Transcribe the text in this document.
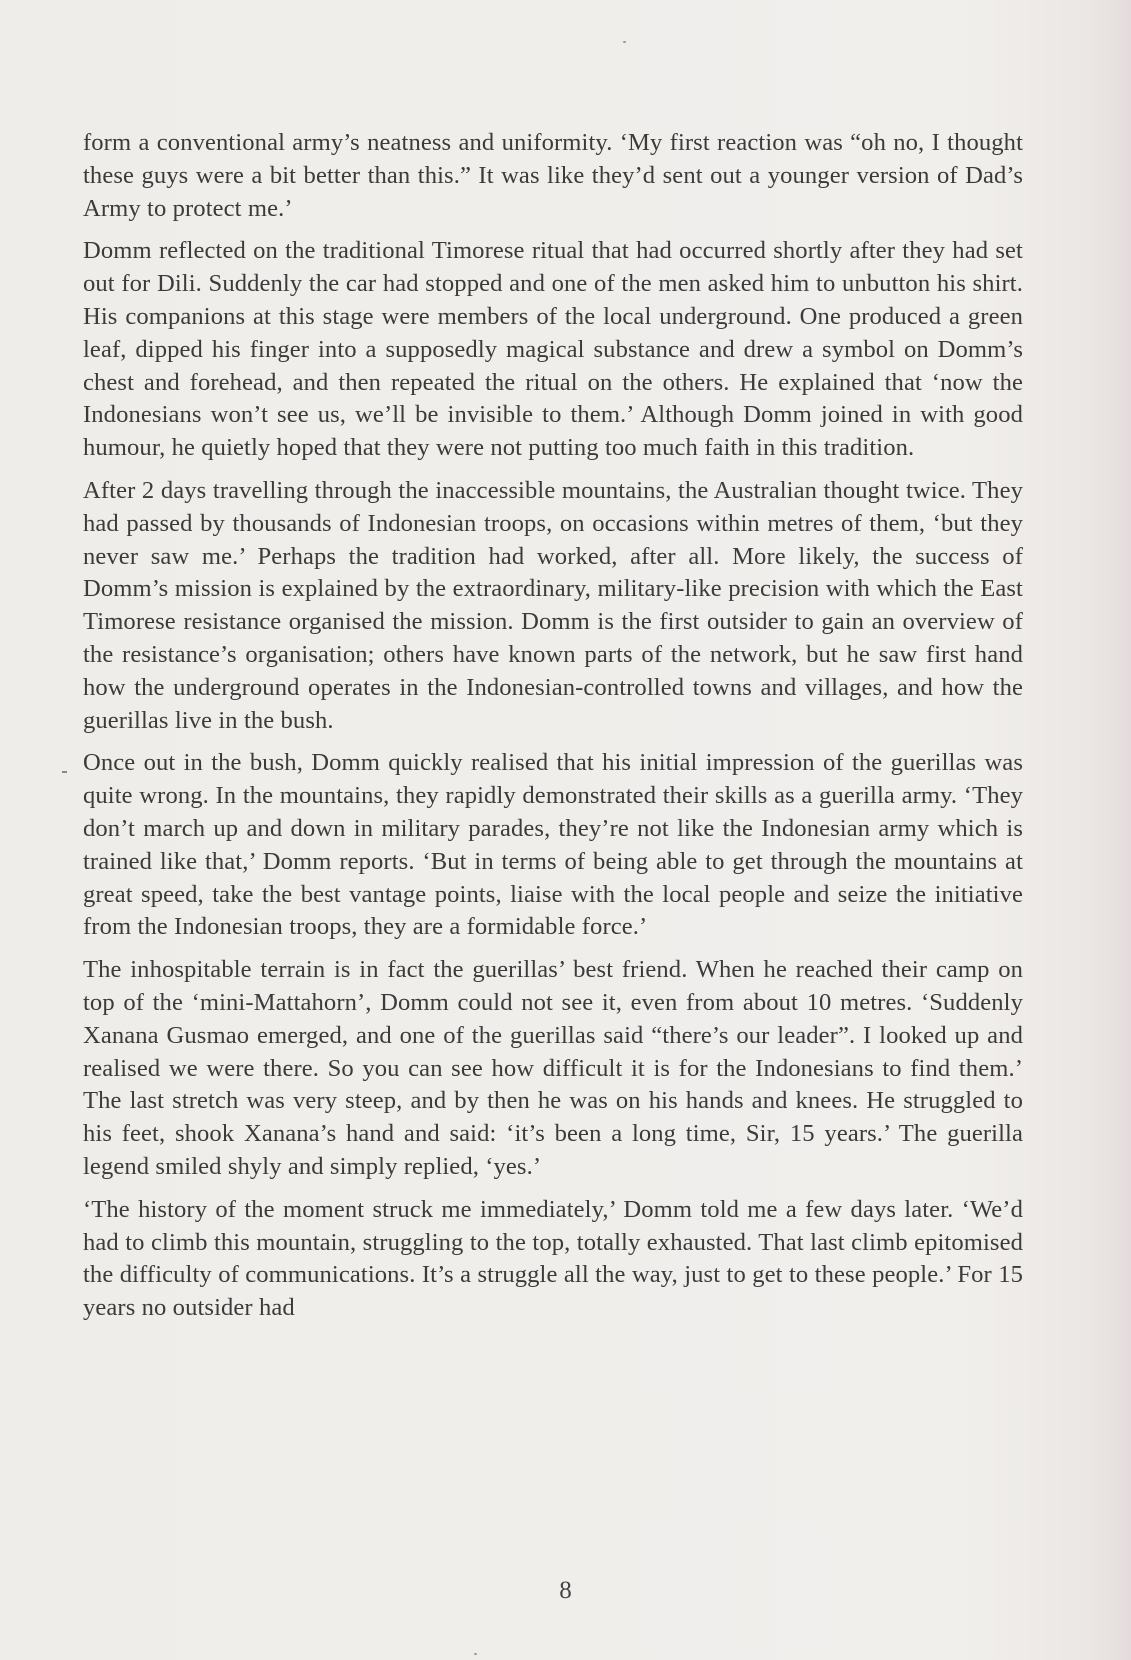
form a conventional army’s neatness and uniformity. ‘My first reaction was “oh no, I thought these guys were a bit better than this.” It was like they’d sent out a younger version of Dad’s Army to protect me.’

Domm reflected on the traditional Timorese ritual that had occurred shortly after they had set out for Dili. Suddenly the car had stopped and one of the men asked him to unbutton his shirt. His companions at this stage were members of the local underground. One produced a green leaf, dipped his finger into a supposedly magical substance and drew a symbol on Domm’s chest and forehead, and then repeated the ritual on the others. He explained that ‘now the Indonesians won’t see us, we’ll be invisible to them.’ Although Domm joined in with good humour, he quietly hoped that they were not putting too much faith in this tradition.

After 2 days travelling through the inaccessible mountains, the Australian thought twice. They had passed by thousands of Indonesian troops, on occasions within metres of them, ‘but they never saw me.’ Perhaps the tradition had worked, after all. More likely, the success of Domm’s mission is explained by the extraordinary, military-like precision with which the East Timorese resistance organised the mission. Domm is the first outsider to gain an overview of the resistance’s organisation; others have known parts of the network, but he saw first hand how the underground operates in the Indonesian-controlled towns and villages, and how the guerillas live in the bush.

Once out in the bush, Domm quickly realised that his initial impression of the guerillas was quite wrong. In the mountains, they rapidly demonstrated their skills as a guerilla army. ‘They don’t march up and down in military parades, they’re not like the Indonesian army which is trained like that,’ Domm reports. ‘But in terms of being able to get through the mountains at great speed, take the best vantage points, liaise with the local people and seize the initiative from the Indonesian troops, they are a formidable force.’

The inhospitable terrain is in fact the guerillas’ best friend. When he reached their camp on top of the ‘mini-Mattahorn’, Domm could not see it, even from about 10 metres. ‘Suddenly Xanana Gusmao emerged, and one of the guerillas said “there’s our leader”. I looked up and realised we were there. So you can see how difficult it is for the Indonesians to find them.’ The last stretch was very steep, and by then he was on his hands and knees. He struggled to his feet, shook Xanana’s hand and said: ‘it’s been a long time, Sir, 15 years.’ The guerilla legend smiled shyly and simply replied, ‘yes.’

‘The history of the moment struck me immediately,’ Domm told me a few days later. ‘We’d had to climb this mountain, struggling to the top, totally exhausted. That last climb epitomised the difficulty of communications. It’s a struggle all the way, just to get to these people.’ For 15 years no outsider had

8
